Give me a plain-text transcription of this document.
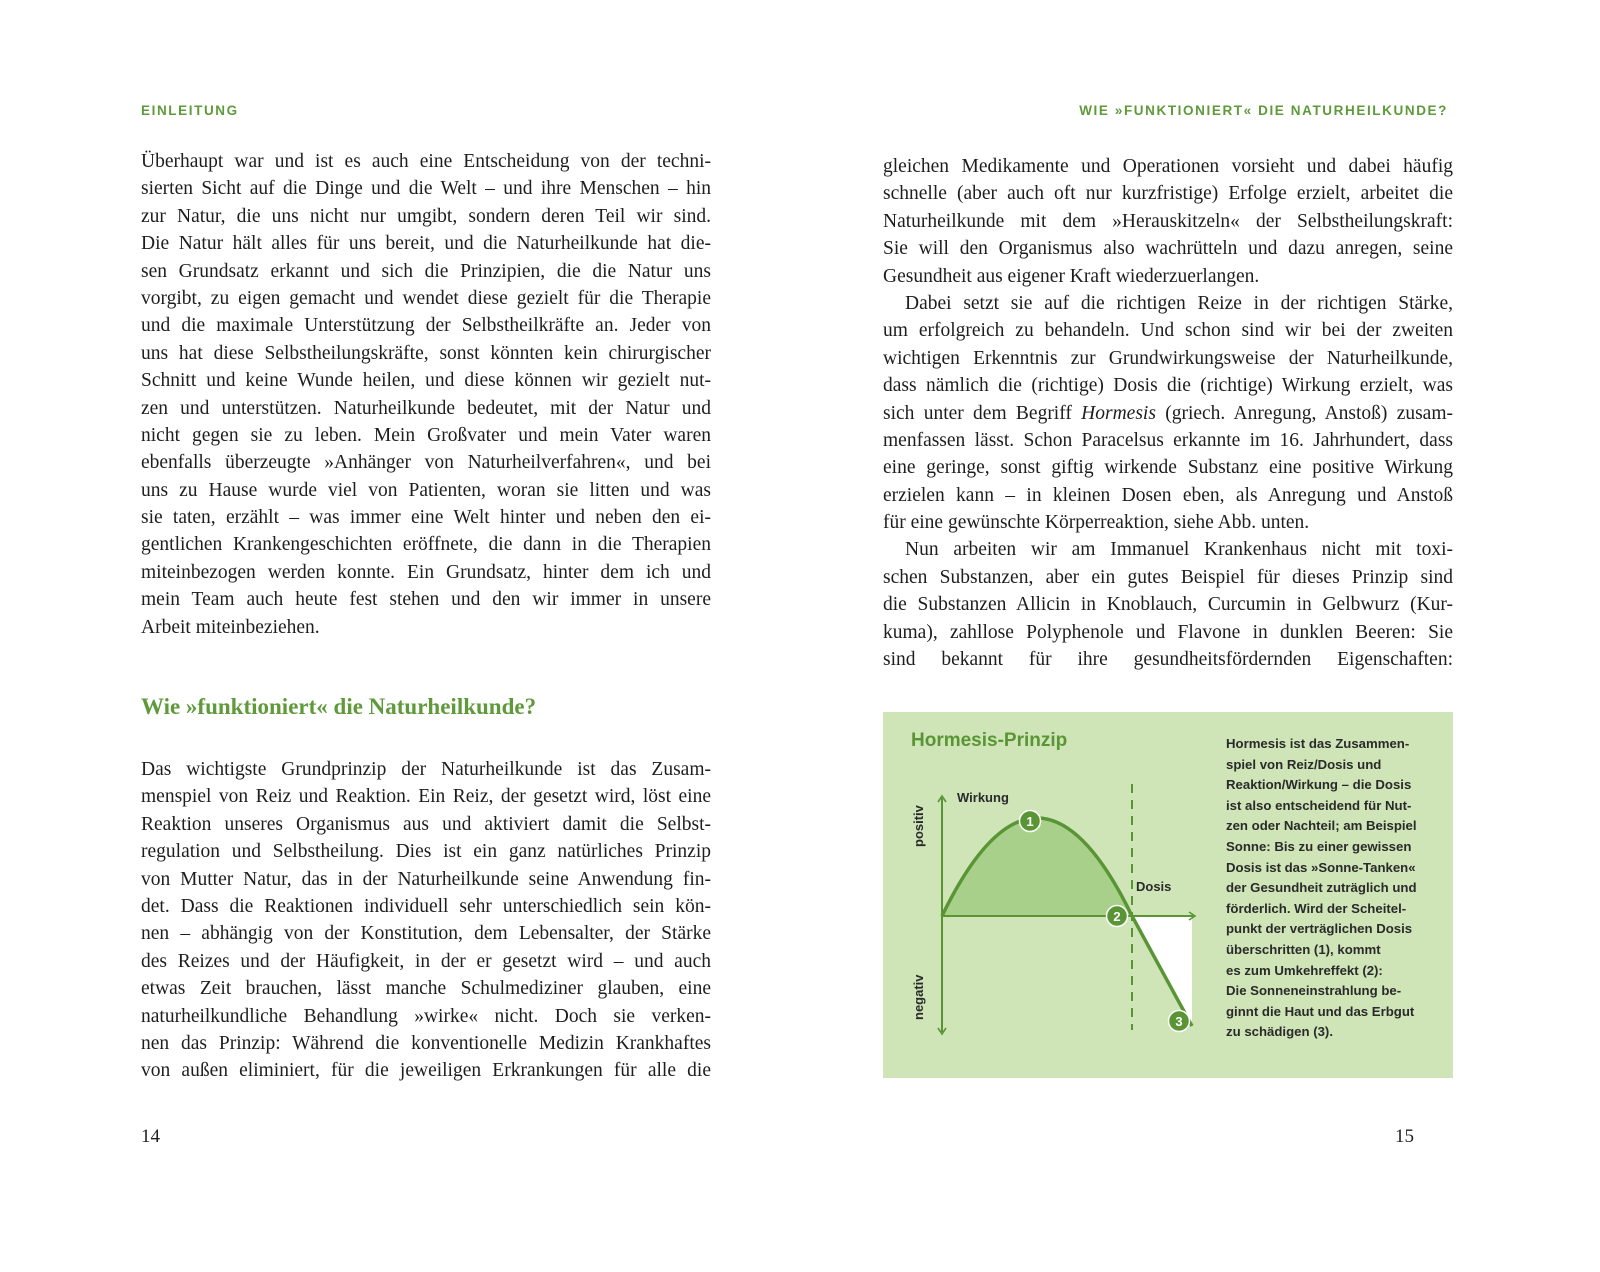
EINLEITUNG
Überhaupt war und ist es auch eine Entscheidung von der techni-
sierten Sicht auf die Dinge und die Welt – und ihre Menschen – hin
zur Natur, die uns nicht nur umgibt, sondern deren Teil wir sind.
Die Natur hält alles für uns bereit, und die Naturheilkunde hat die-
sen Grundsatz erkannt und sich die Prinzipien, die die Natur uns
vorgibt, zu eigen gemacht und wendet diese gezielt für die Therapie
und die maximale Unterstützung der Selbstheilkräfte an. Jeder von
uns hat diese Selbstheilungskräfte, sonst könnten kein chirurgischer
Schnitt und keine Wunde heilen, und diese können wir gezielt nut-
zen und unterstützen. Naturheilkunde bedeutet, mit der Natur und
nicht gegen sie zu leben. Mein Großvater und mein Vater waren
ebenfalls überzeugte »Anhänger von Naturheilverfahren«, und bei
uns zu Hause wurde viel von Patienten, woran sie litten und was
sie taten, erzählt – was immer eine Welt hinter und neben den ei-
gentlichen Krankengeschichten eröffnete, die dann in die Therapien
miteinbezogen werden konnte. Ein Grundsatz, hinter dem ich und
mein Team auch heute fest stehen und den wir immer in unsere
Arbeit miteinbeziehen.
Wie »funktioniert« die Naturheilkunde?
Das wichtigste Grundprinzip der Naturheilkunde ist das Zusam-
menspiel von Reiz und Reaktion. Ein Reiz, der gesetzt wird, löst eine
Reaktion unseres Organismus aus und aktiviert damit die Selbst-
regulation und Selbstheilung. Dies ist ein ganz natürliches Prinzip
von Mutter Natur, das in der Naturheilkunde seine Anwendung fin-
det. Dass die Reaktionen individuell sehr unterschiedlich sein kön-
nen – abhängig von der Konstitution, dem Lebensalter, der Stärke
des Reizes und der Häufigkeit, in der er gesetzt wird – und auch
etwas Zeit brauchen, lässt manche Schulmediziner glauben, eine
naturheilkundliche Behandlung »wirke« nicht. Doch sie verken-
nen das Prinzip: Während die konventionelle Medizin Krankhaftes
von außen eliminiert, für die jeweiligen Erkrankungen für alle die
14
WIE »FUNKTIONIERT« DIE NATURHEILKUNDE?
gleichen Medikamente und Operationen vorsieht und dabei häufig
schnelle (aber auch oft nur kurzfristige) Erfolge erzielt, arbeitet die
Naturheilkunde mit dem »Herauskitzeln« der Selbstheilungskraft:
Sie will den Organismus also wachrütteln und dazu anregen, seine
Gesundheit aus eigener Kraft wiederzuerlangen.
Dabei setzt sie auf die richtigen Reize in der richtigen Stärke,
um erfolgreich zu behandeln. Und schon sind wir bei der zweiten
wichtigen Erkenntnis zur Grundwirkungsweise der Naturheilkunde,
dass nämlich die (richtige) Dosis die (richtige) Wirkung erzielt, was
sich unter dem Begriff Hormesis (griech. Anregung, Anstoß) zusam-
menfassen lässt. Schon Paracelsus erkannte im 16. Jahrhundert, dass
eine geringe, sonst giftig wirkende Substanz eine positive Wirkung
erzielen kann – in kleinen Dosen eben, als Anregung und Anstoß
für eine gewünschte Körperreaktion, siehe Abb. unten.
Nun arbeiten wir am Immanuel Krankenhaus nicht mit toxi-
schen Substanzen, aber ein gutes Beispiel für dieses Prinzip sind
die Substanzen Allicin in Knoblauch, Curcumin in Gelbwurz (Kur-
kuma), zahllose Polyphenole und Flavone in dunklen Beeren: Sie
sind bekannt für ihre gesundheitsfördernden Eigenschaften:
Hormesis-Prinzip
Wirkung
Dosis
positiv
negativ
1
2
3
Hormesis ist das Zusammen-
spiel von Reiz/Dosis und
Reaktion/Wirkung – die Dosis
ist also entscheidend für Nut-
zen oder Nachteil; am Beispiel
Sonne: Bis zu einer gewissen
Dosis ist das »Sonne-Tanken«
der Gesundheit zuträglich und
förderlich. Wird der Scheitel-
punkt der verträglichen Dosis
überschritten (1), kommt
es zum Umkehreffekt (2):
Die Sonneneinstrahlung be-
ginnt die Haut und das Erbgut
zu schädigen (3).
15
